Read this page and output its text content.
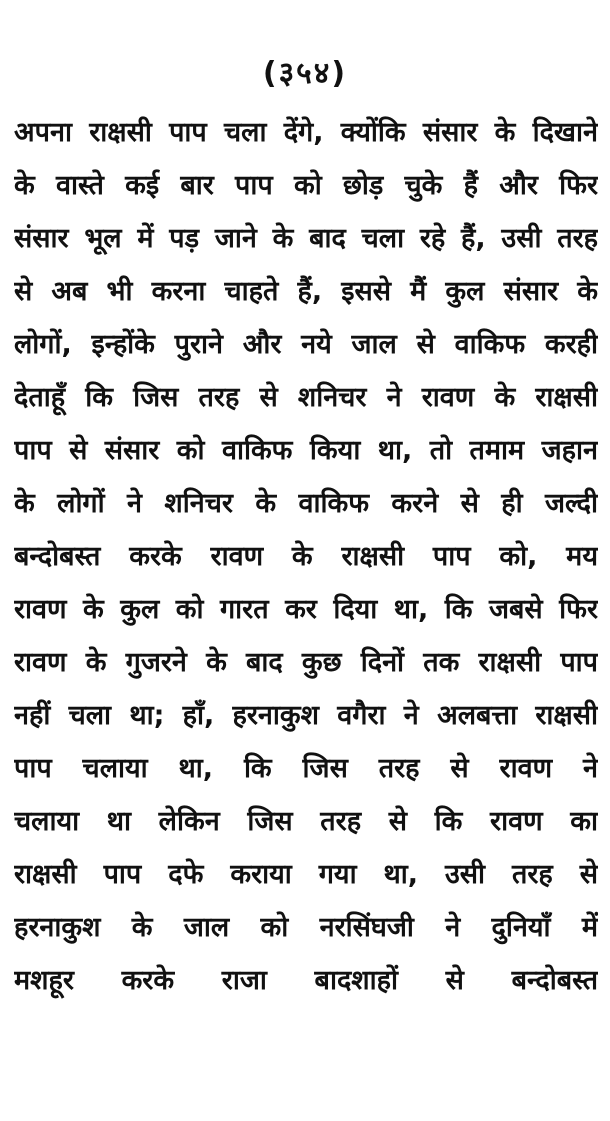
(३५४)
अपना राक्षसी पाप चला देंगे, क्योंकि संसार के दिखाने
के वास्ते कई बार पाप को छोड़ चुके हैं और फिर
संसार भूल में पड़ जाने के बाद चला रहे हैं, उसी तरह
से अब भी करना चाहते हैं, इससे मैं कुल संसार के
लोगों, इन्होंके पुराने और नये जाल से वाकिफ करही
देताहूँ कि जिस तरह से शनिचर ने रावण के राक्षसी
पाप से संसार को वाकिफ किया था, तो तमाम जहान
के लोगों ने शनिचर के वाकिफ करने से ही जल्दी
बन्दोबस्त करके रावण के राक्षसी पाप को, मय
रावण के कुल को गारत कर दिया था, कि जबसे फिर
रावण के गुजरने के बाद कुछ दिनों तक राक्षसी पाप
नहीं चला था; हाँ, हरनाकुश वगैरा ने अलबत्ता राक्षसी
पाप चलाया था, कि जिस तरह से रावण ने
चलाया था लेकिन जिस तरह से कि रावण का
राक्षसी पाप दफे कराया गया था, उसी तरह से
हरनाकुश के जाल को नरसिंघजी ने दुनियाँ में
मशहूर करके राजा बादशाहों से बन्दोबस्त
